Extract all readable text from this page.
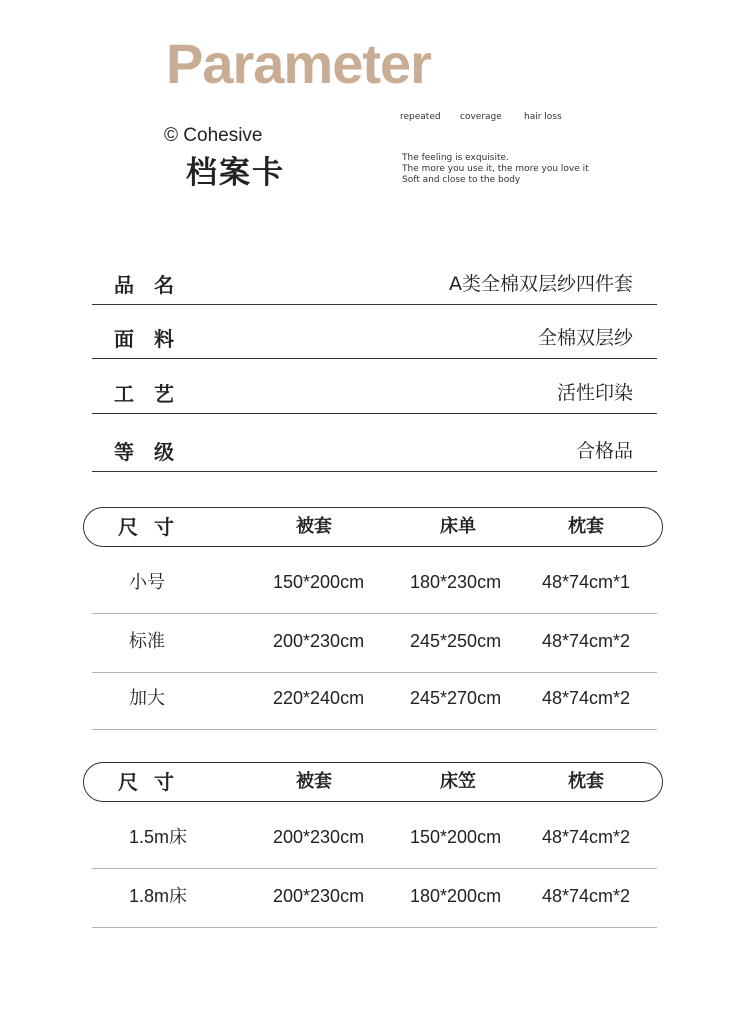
Parameter
© Cohesive
档案卡
repeated coverage hair loss
The feeling is exquisite.
The more you use it, the more you love it
Soft and close to the body
品名	A类全棉双层纱四件套
面料	全棉双层纱
工艺	活性印染
等级	合格品
尺寸	被套	床单	枕套
小号	150*200cm	180*230cm 48*74cm*1
标准	200*230cm	245*250cm 48*74cm*2
加大	220*240cm	245*270cm 48*74cm*2
尺寸	被套	床笠	枕套
1.5m床	200*230cm	150*200cm 48*74cm*2
1.8m床	200*230cm	180*200cm 48*74cm*2
